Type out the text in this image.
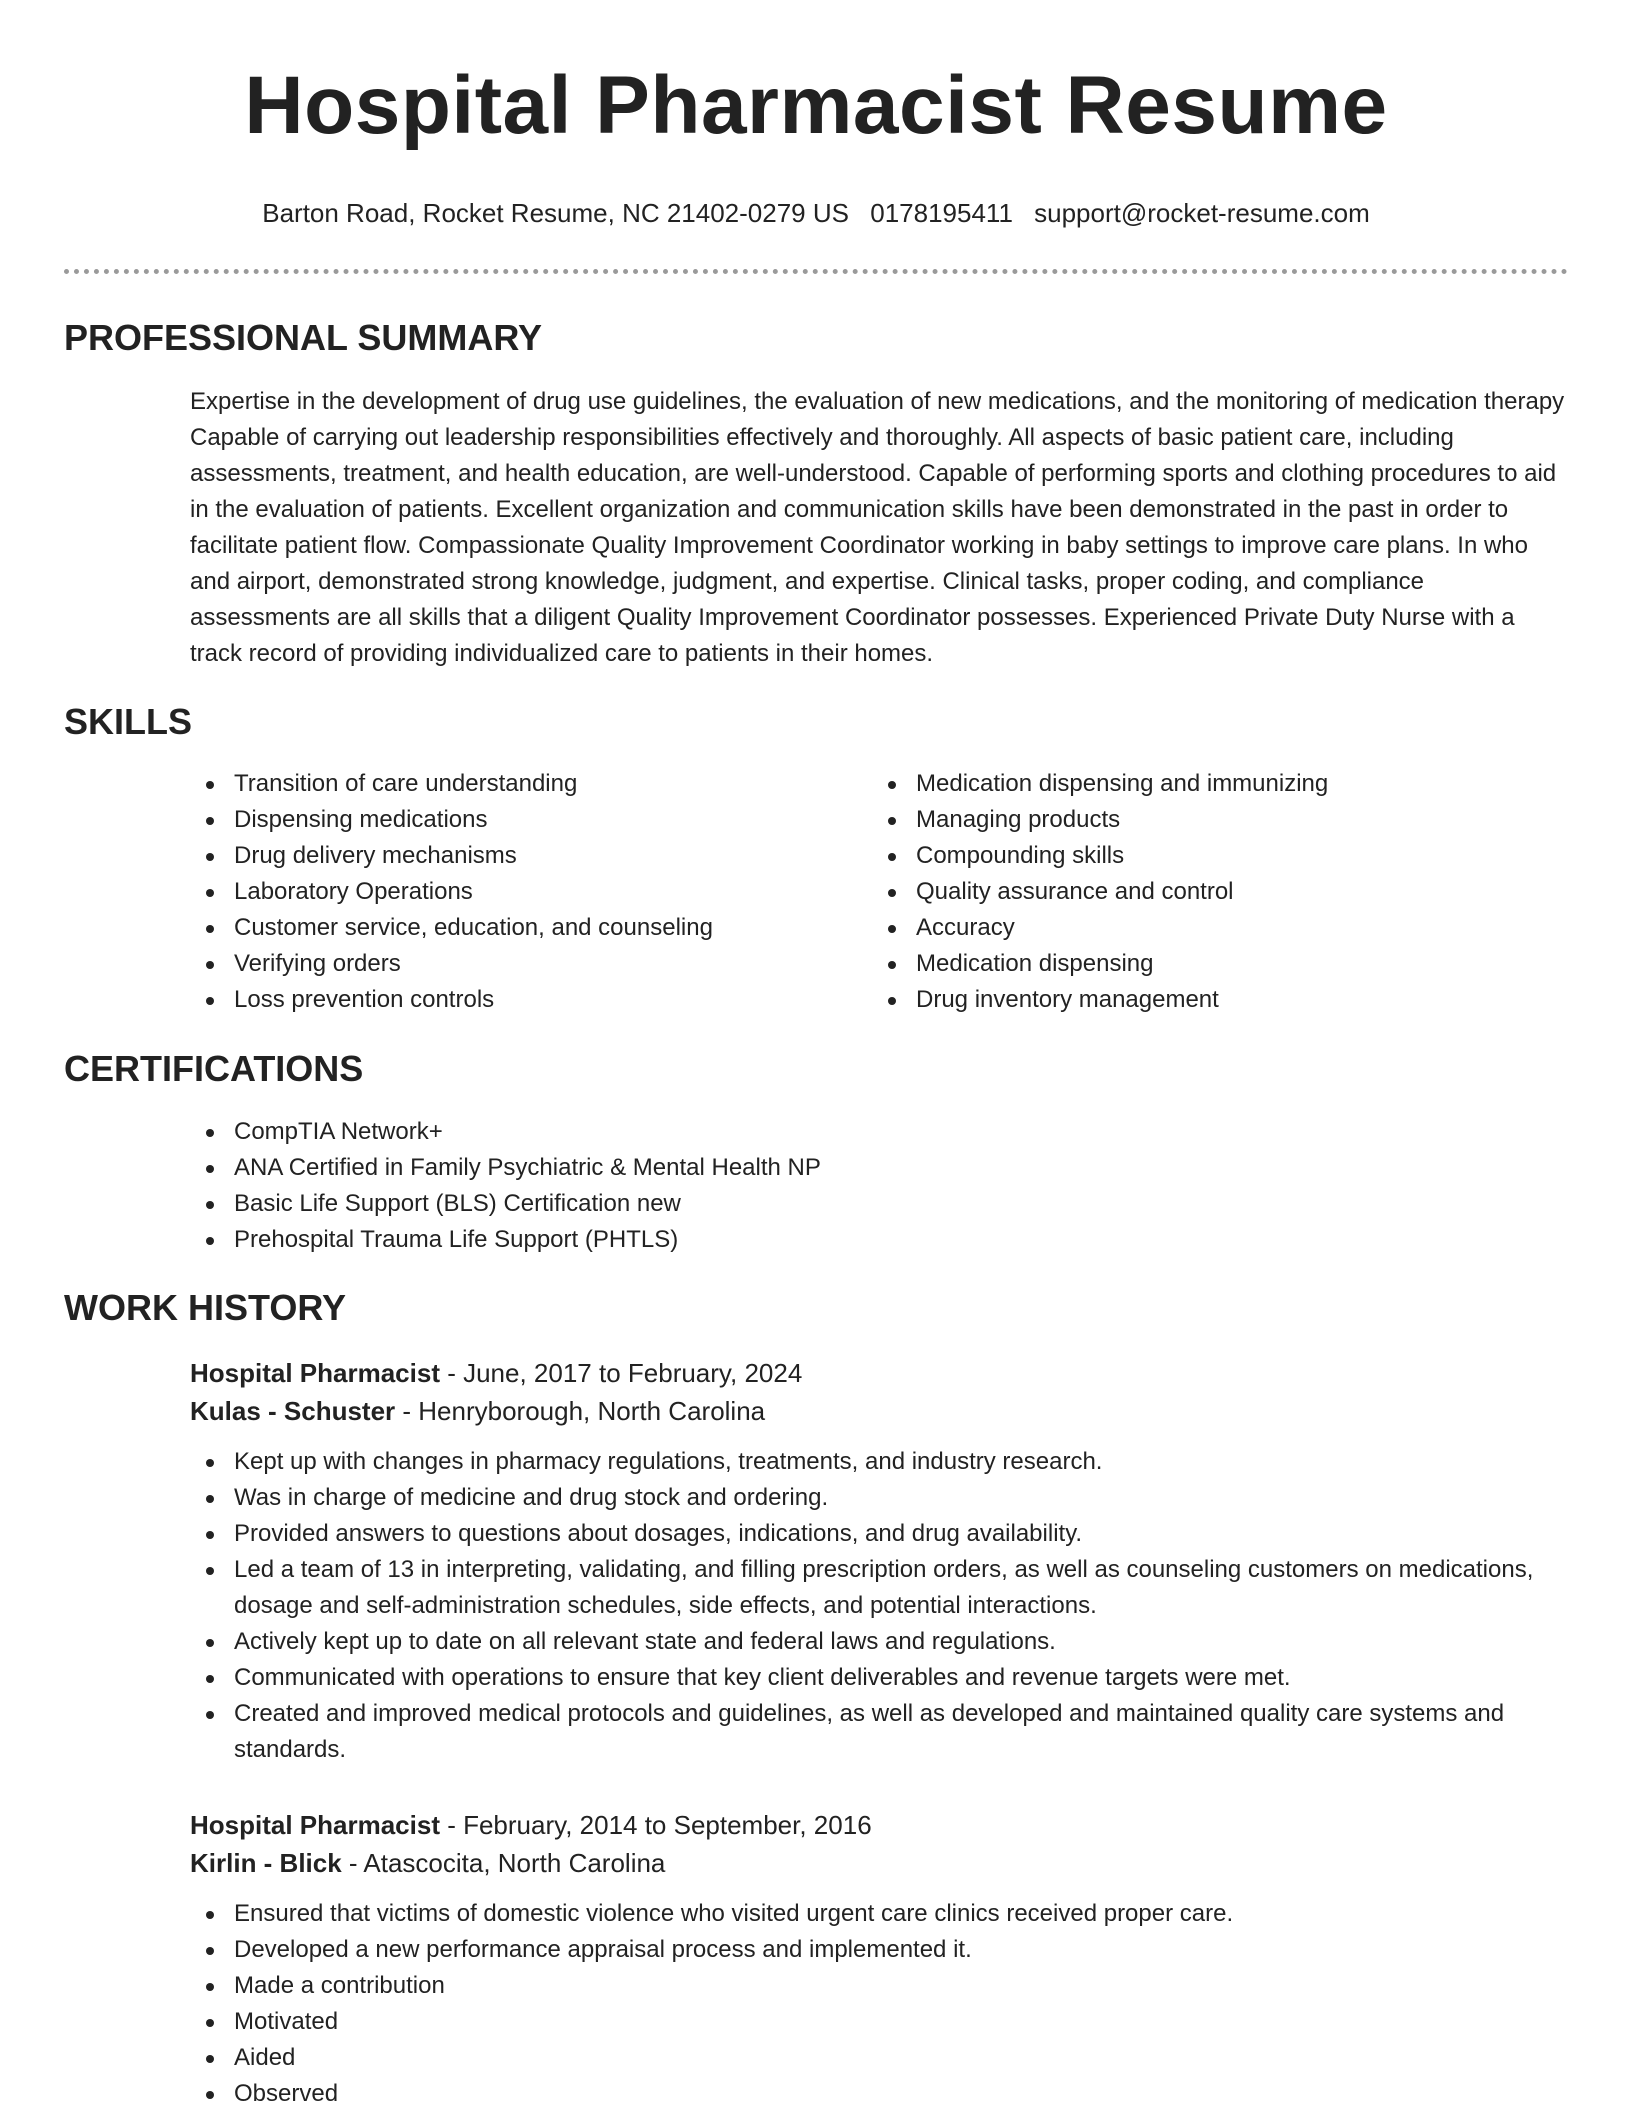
Hospital Pharmacist Resume
Barton Road, Rocket Resume, NC 21402-0279 US 0178195411 support@rocket-resume.com
PROFESSIONAL SUMMARY
Expertise in the development of drug use guidelines, the evaluation of new medications, and the monitoring of medication therapy Capable of carrying out leadership responsibilities effectively and thoroughly. All aspects of basic patient care, including assessments, treatment, and health education, are well-understood. Capable of performing sports and clothing procedures to aid in the evaluation of patients. Excellent organization and communication skills have been demonstrated in the past in order to facilitate patient flow. Compassionate Quality Improvement Coordinator working in baby settings to improve care plans. In who and airport, demonstrated strong knowledge, judgment, and expertise. Clinical tasks, proper coding, and compliance assessments are all skills that a diligent Quality Improvement Coordinator possesses. Experienced Private Duty Nurse with a track record of providing individualized care to patients in their homes.
SKILLS
Transition of care understanding
Dispensing medications
Drug delivery mechanisms
Laboratory Operations
Customer service, education, and counseling
Verifying orders
Loss prevention controls
Medication dispensing and immunizing
Managing products
Compounding skills
Quality assurance and control
Accuracy
Medication dispensing
Drug inventory management
CERTIFICATIONS
CompTIA Network+
ANA Certified in Family Psychiatric & Mental Health NP
Basic Life Support (BLS) Certification new
Prehospital Trauma Life Support (PHTLS)
WORK HISTORY
Hospital Pharmacist - June, 2017 to February, 2024
Kulas - Schuster - Henryborough, North Carolina
Kept up with changes in pharmacy regulations, treatments, and industry research.
Was in charge of medicine and drug stock and ordering.
Provided answers to questions about dosages, indications, and drug availability.
Led a team of 13 in interpreting, validating, and filling prescription orders, as well as counseling customers on medications, dosage and self-administration schedules, side effects, and potential interactions.
Actively kept up to date on all relevant state and federal laws and regulations.
Communicated with operations to ensure that key client deliverables and revenue targets were met.
Created and improved medical protocols and guidelines, as well as developed and maintained quality care systems and standards.
Hospital Pharmacist - February, 2014 to September, 2016
Kirlin - Blick - Atascocita, North Carolina
Ensured that victims of domestic violence who visited urgent care clinics received proper care.
Developed a new performance appraisal process and implemented it.
Made a contribution
Motivated
Aided
Observed
